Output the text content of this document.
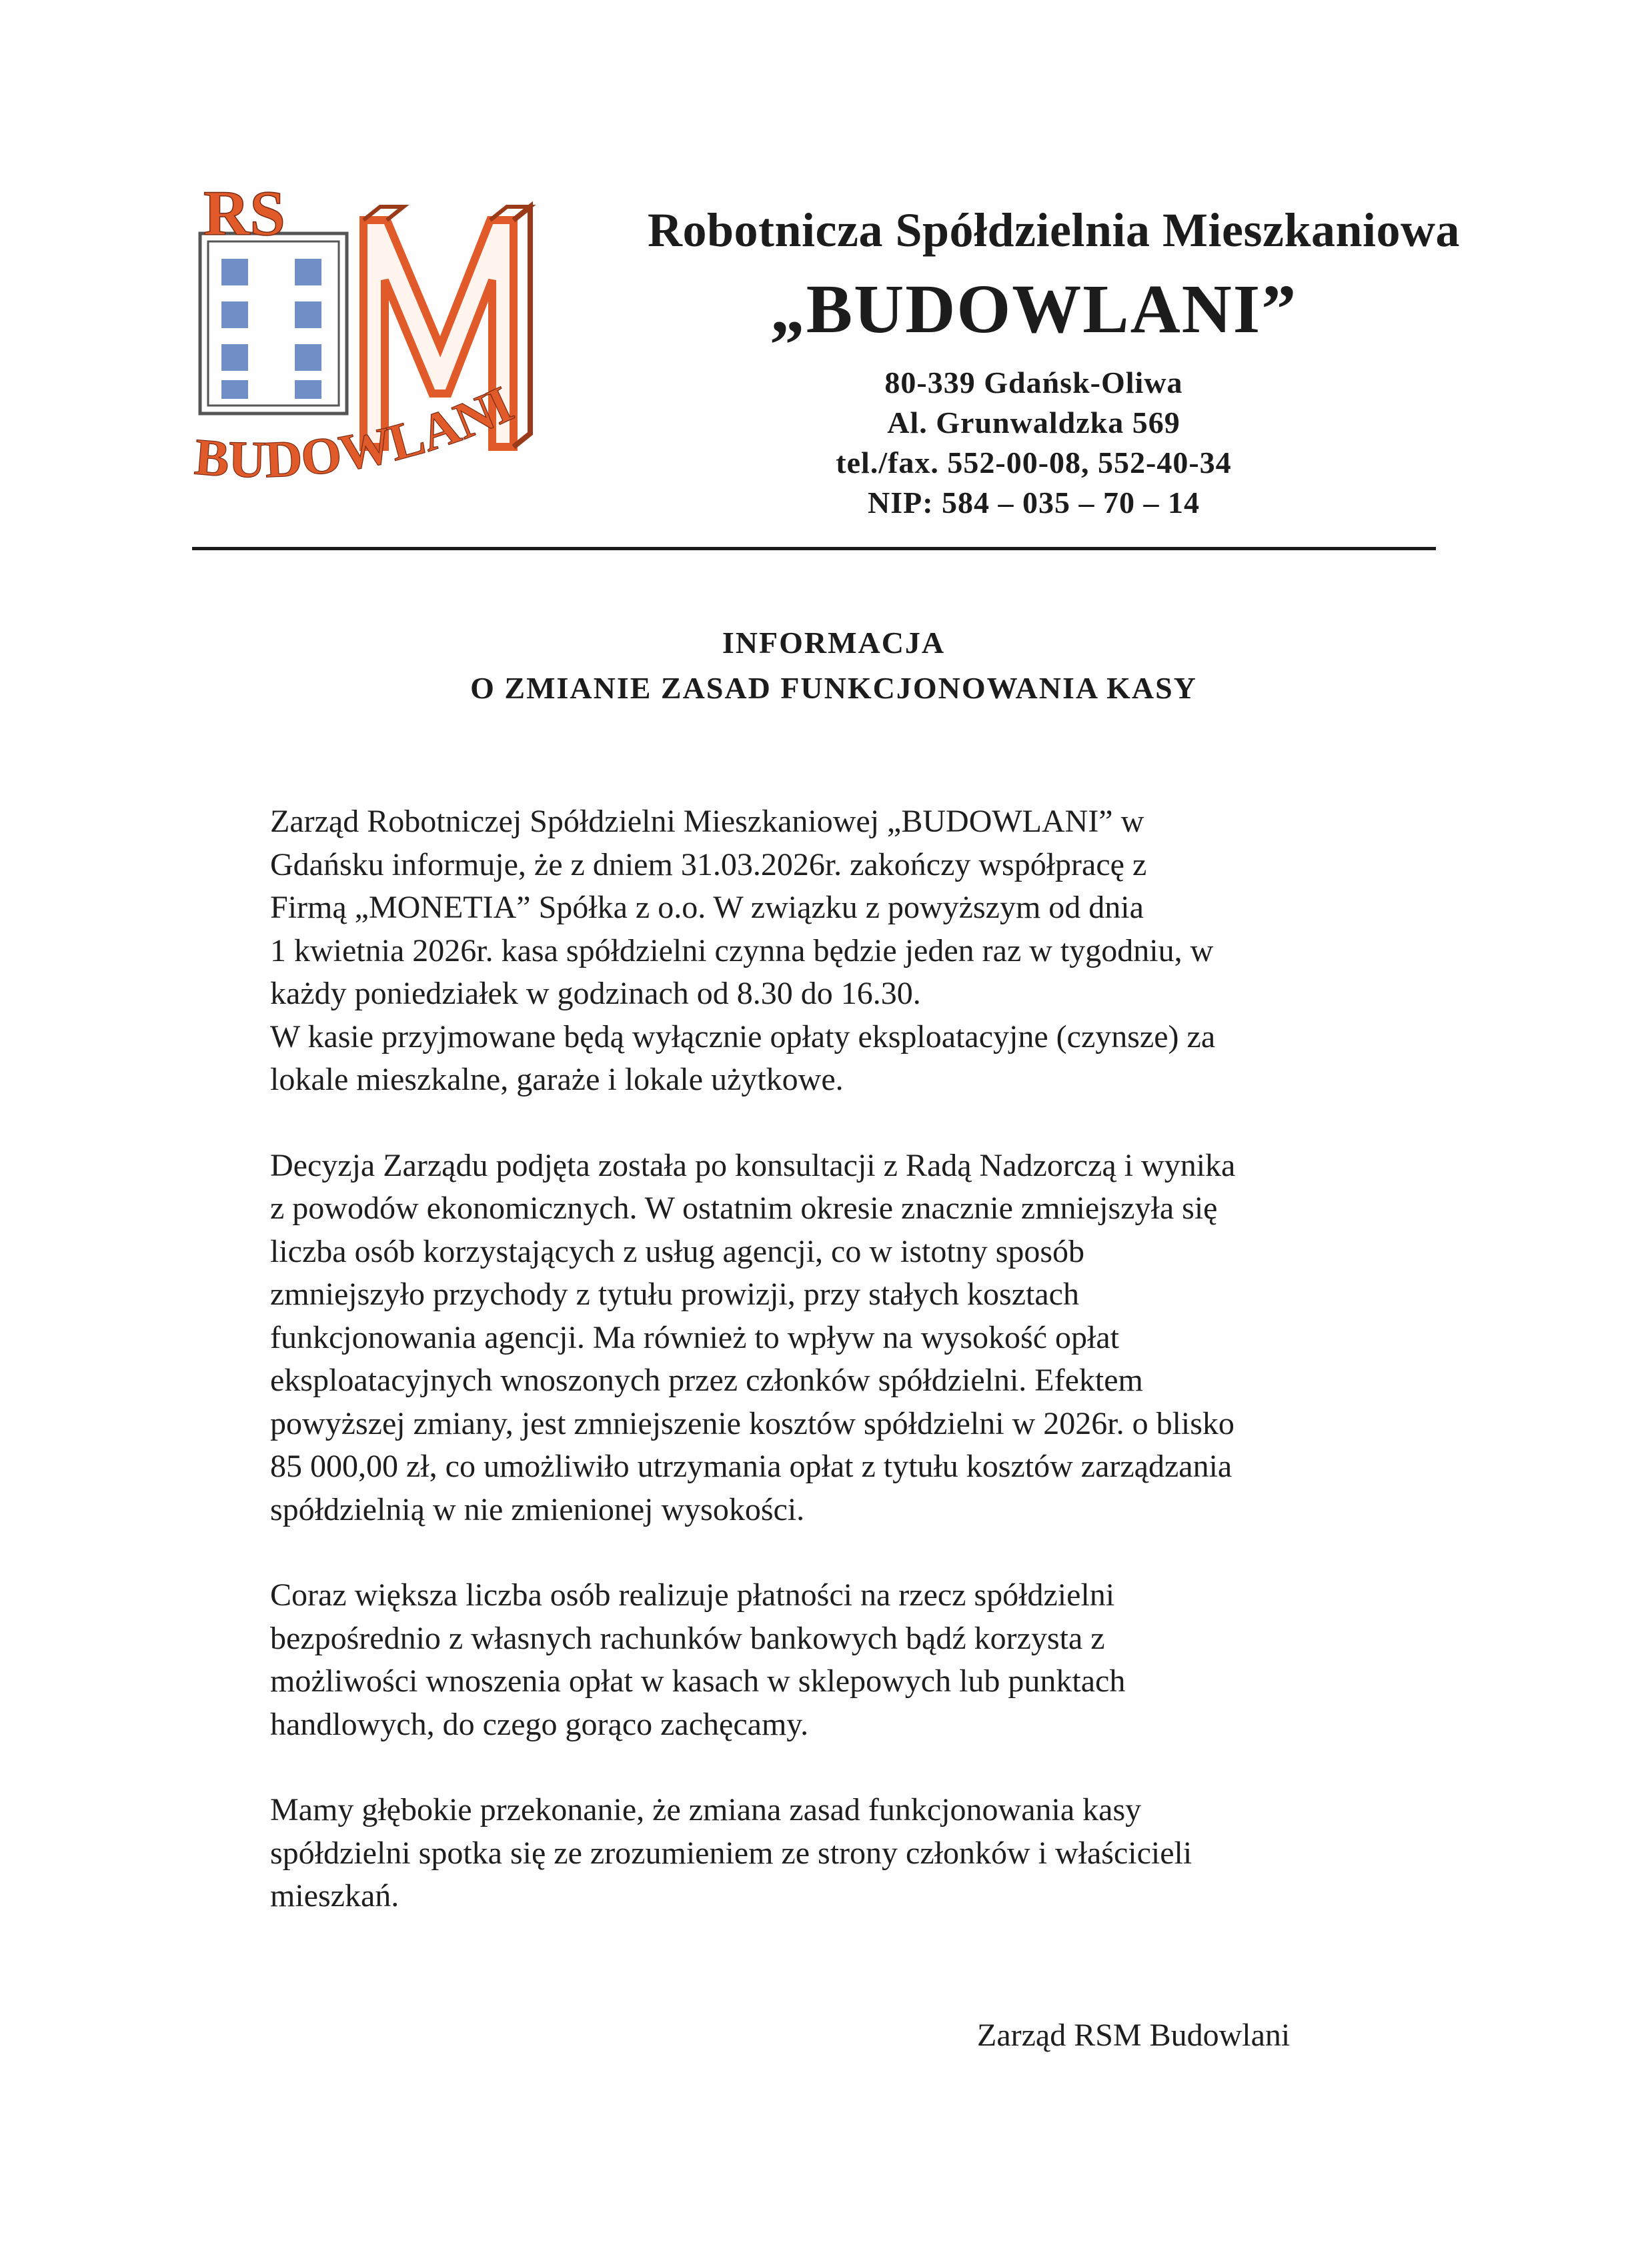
RS
BUDOWLANI
Robotnicza Spółdzielnia Mieszkaniowa
„BUDOWLANI”
80-339 Gdańsk-Oliwa
Al. Grunwaldzka 569
tel./fax. 552-00-08, 552-40-34
NIP: 584 – 035 – 70 – 14
INFORMACJA
O ZMIANIE ZASAD FUNKCJONOWANIA KASY
Zarząd Robotniczej Spółdzielni Mieszkaniowej „BUDOWLANI” w
Gdańsku informuje, że z dniem 31.03.2026r. zakończy współpracę z
Firmą „MONETIA” Spółka z o.o. W związku z powyższym od dnia
1 kwietnia 2026r. kasa spółdzielni czynna będzie jeden raz w tygodniu, w
każdy poniedziałek w godzinach od 8.30 do 16.30.
W kasie przyjmowane będą wyłącznie opłaty eksploatacyjne (czynsze) za
lokale mieszkalne, garaże i lokale użytkowe.
Decyzja Zarządu podjęta została po konsultacji z Radą Nadzorczą i wynika
z powodów ekonomicznych. W ostatnim okresie znacznie zmniejszyła się
liczba osób korzystających z usług agencji, co w istotny sposób
zmniejszyło przychody z tytułu prowizji, przy stałych kosztach
funkcjonowania agencji. Ma również to wpływ na wysokość opłat
eksploatacyjnych wnoszonych przez członków spółdzielni. Efektem
powyższej zmiany, jest zmniejszenie kosztów spółdzielni w 2026r. o blisko
85 000,00 zł, co umożliwiło utrzymania opłat z tytułu kosztów zarządzania
spółdzielnią w nie zmienionej wysokości.
Coraz większa liczba osób realizuje płatności na rzecz spółdzielni
bezpośrednio z własnych rachunków bankowych bądź korzysta z
możliwości wnoszenia opłat w kasach w sklepowych lub punktach
handlowych, do czego gorąco zachęcamy.
Mamy głębokie przekonanie, że zmiana zasad funkcjonowania kasy
spółdzielni spotka się ze zrozumieniem ze strony członków i właścicieli
mieszkań.
Zarząd RSM Budowlani
